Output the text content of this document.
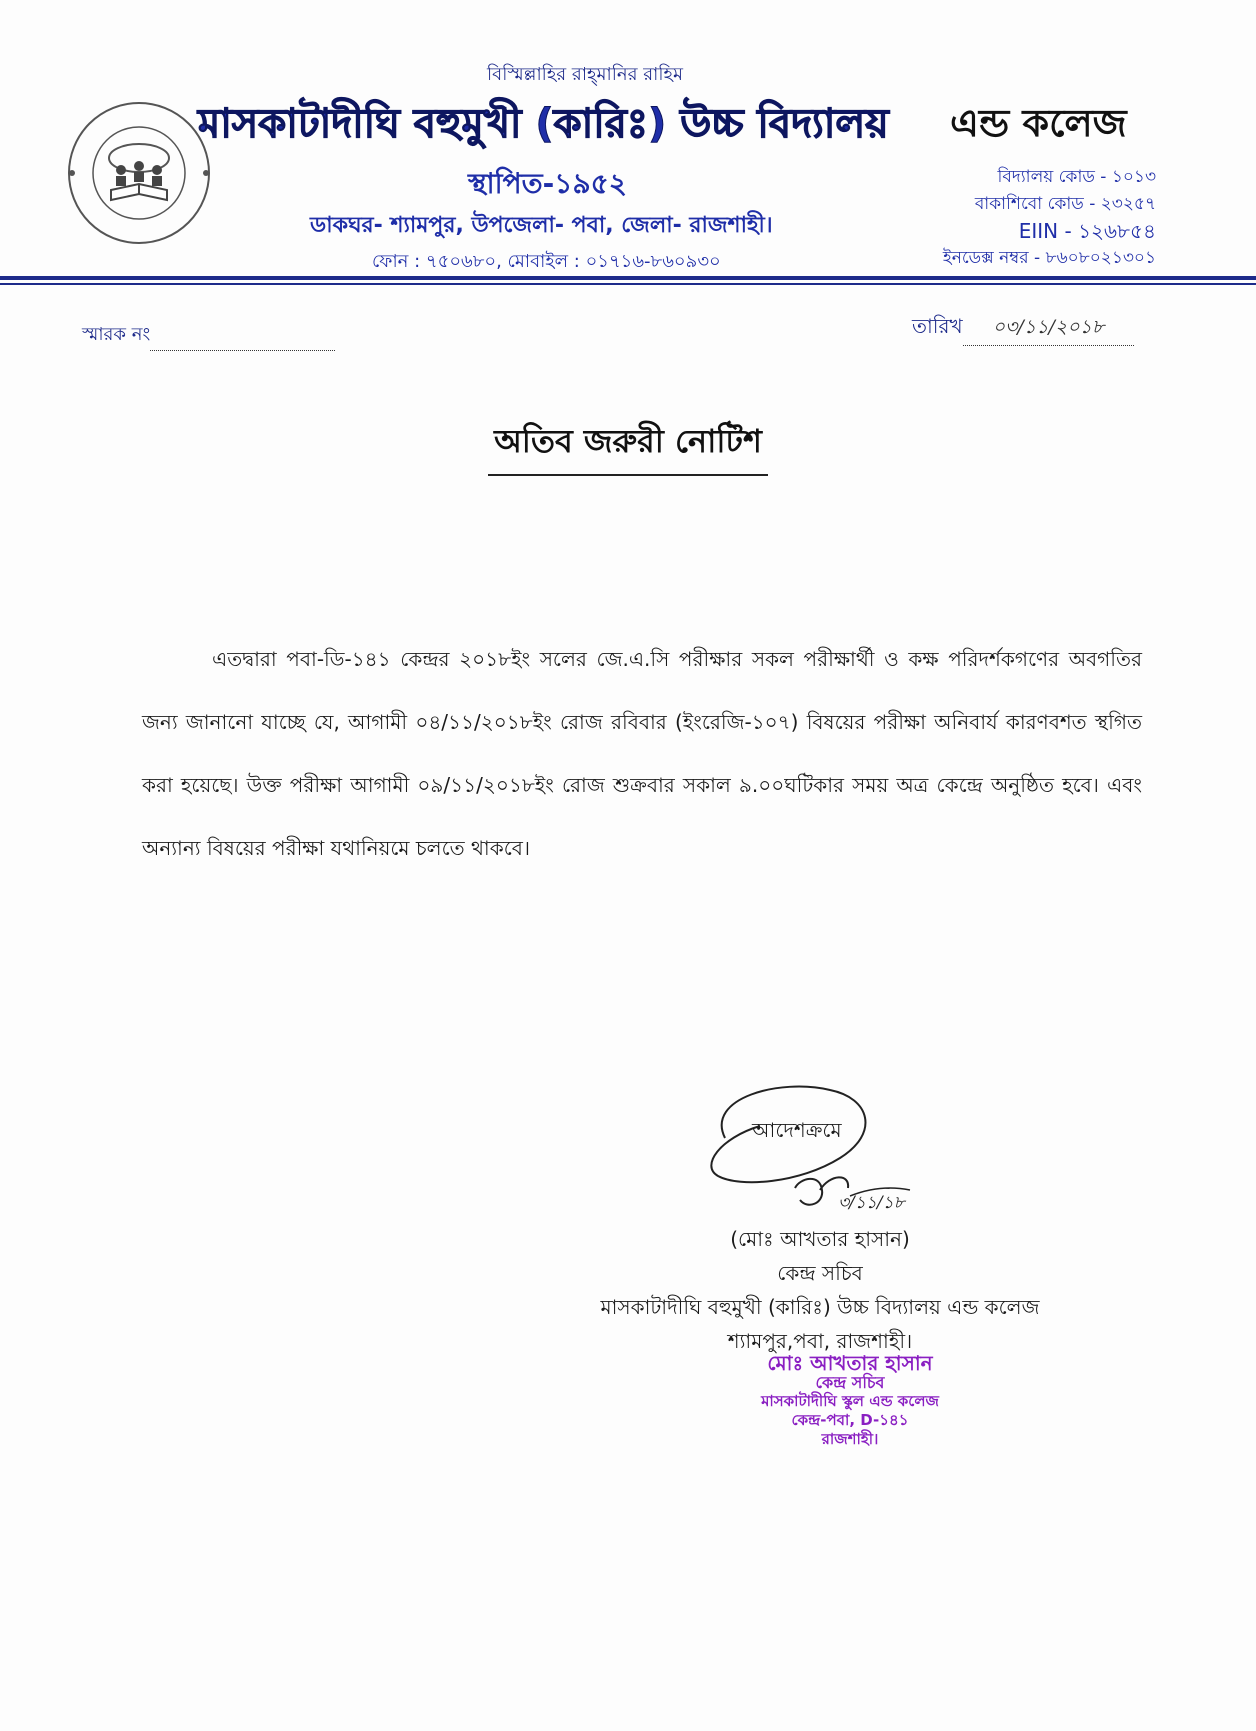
বিস্মিল্লাহির রাহ্‌মানির রাহিম
মাসকাটাদীঘি বহুমুখী (কারিঃ) উচ্চ বিদ্যালয় এন্ড কলেজ
স্থাপিত-১৯৫২
ডাকঘর- শ্যামপুর, উপজেলা- পবা, জেলা- রাজশাহী।
ফোন : ৭৫০৬৮০, মোবাইল : ০১৭১৬-৮৬০৯৩০
বিদ্যালয় কোড - ১০১৩
বাকাশিবো কোড - ২৩২৫৭
EIIN - ১২৬৮৫৪
ইনডেক্স নম্বর - ৮৬০৮০২১৩০১
স্মারক নং	তারিখ ০৩/১১/২০১৮
অতিব জরুরী নোটিশ
এতদ্বারা পবা-ডি-১৪১ কেন্দ্রর ২০১৮ইং সলের জে.এ.সি পরীক্ষার সকল পরীক্ষার্থী ও কক্ষ পরিদর্শকগণের অবগতির জন্য জানানো যাচ্ছে যে, আগামী ০৪/১১/২০১৮ইং রোজ রবিবার (ইংরেজি-১০৭) বিষয়ের পরীক্ষা অনিবার্য কারণবশত স্থগিত করা হয়েছে। উক্ত পরীক্ষা আগামী ০৯/১১/২০১৮ইং রোজ শুক্রবার সকাল ৯.০০ঘটিকার সময় অত্র কেন্দ্রে অনুষ্ঠিত হবে। এবং অন্যান্য বিষয়ের পরীক্ষা যথানিয়মে চলতে থাকবে।
৩/১১/১৮
আদেশক্রমে
(মোঃ আখতার হাসান)
কেন্দ্র সচিব
মাসকাটাদীঘি বহুমুখী (কারিঃ) উচ্চ বিদ্যালয় এন্ড কলেজ
শ্যামপুর,পবা, রাজশাহী।
মোঃ আখতার হাসান
কেন্দ্র সচিব
মাসকাটাদীঘি স্কুল এন্ড কলেজ
কেন্দ্র-পবা, D-১৪১
রাজশাহী।
